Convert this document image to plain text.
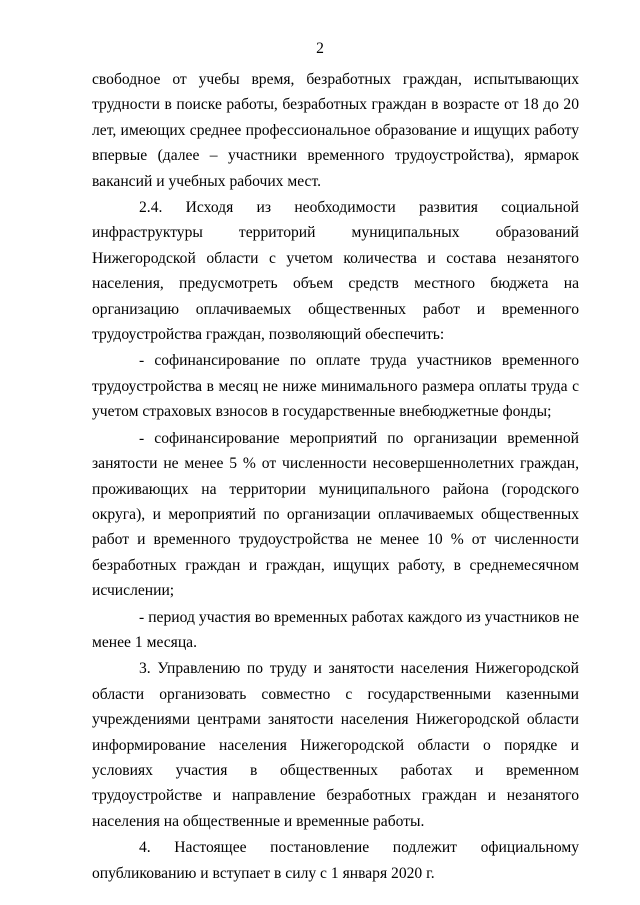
2

свободное от учебы время, безработных граждан, испытывающих трудности в поиске работы, безработных граждан в возрасте от 18 до 20 лет, имеющих среднее профессиональное образование и ищущих работу впервые (далее – участники временного трудоустройства), ярмарок вакансий и учебных рабочих мест.

2.4. Исходя из необходимости развития социальной инфраструктуры территорий муниципальных образований Нижегородской области с учетом количества и состава незанятого населения, предусмотреть объем средств местного бюджета на организацию оплачиваемых общественных работ и временного трудоустройства граждан, позволяющий обеспечить:

- софинансирование по оплате труда участников временного трудоустройства в месяц не ниже минимального размера оплаты труда с учетом страховых взносов в государственные внебюджетные фонды;

- софинансирование мероприятий по организации временной занятости не менее 5 % от численности несовершеннолетних граждан, проживающих на территории муниципального района (городского округа), и мероприятий по организации оплачиваемых общественных работ и временного трудоустройства не менее 10 % от численности безработных граждан и граждан, ищущих работу, в среднемесячном исчислении;

- период участия во временных работах каждого из участников не менее 1 месяца.

3. Управлению по труду и занятости населения Нижегородской области организовать совместно с государственными казенными учреждениями центрами занятости населения Нижегородской области информирование населения Нижегородской области о порядке и условиях участия в общественных работах и временном трудоустройстве и направление безработных граждан и незанятого населения на общественные и временные работы.

4. Настоящее постановление подлежит официальному опубликованию и вступает в силу с 1 января 2020 г.
